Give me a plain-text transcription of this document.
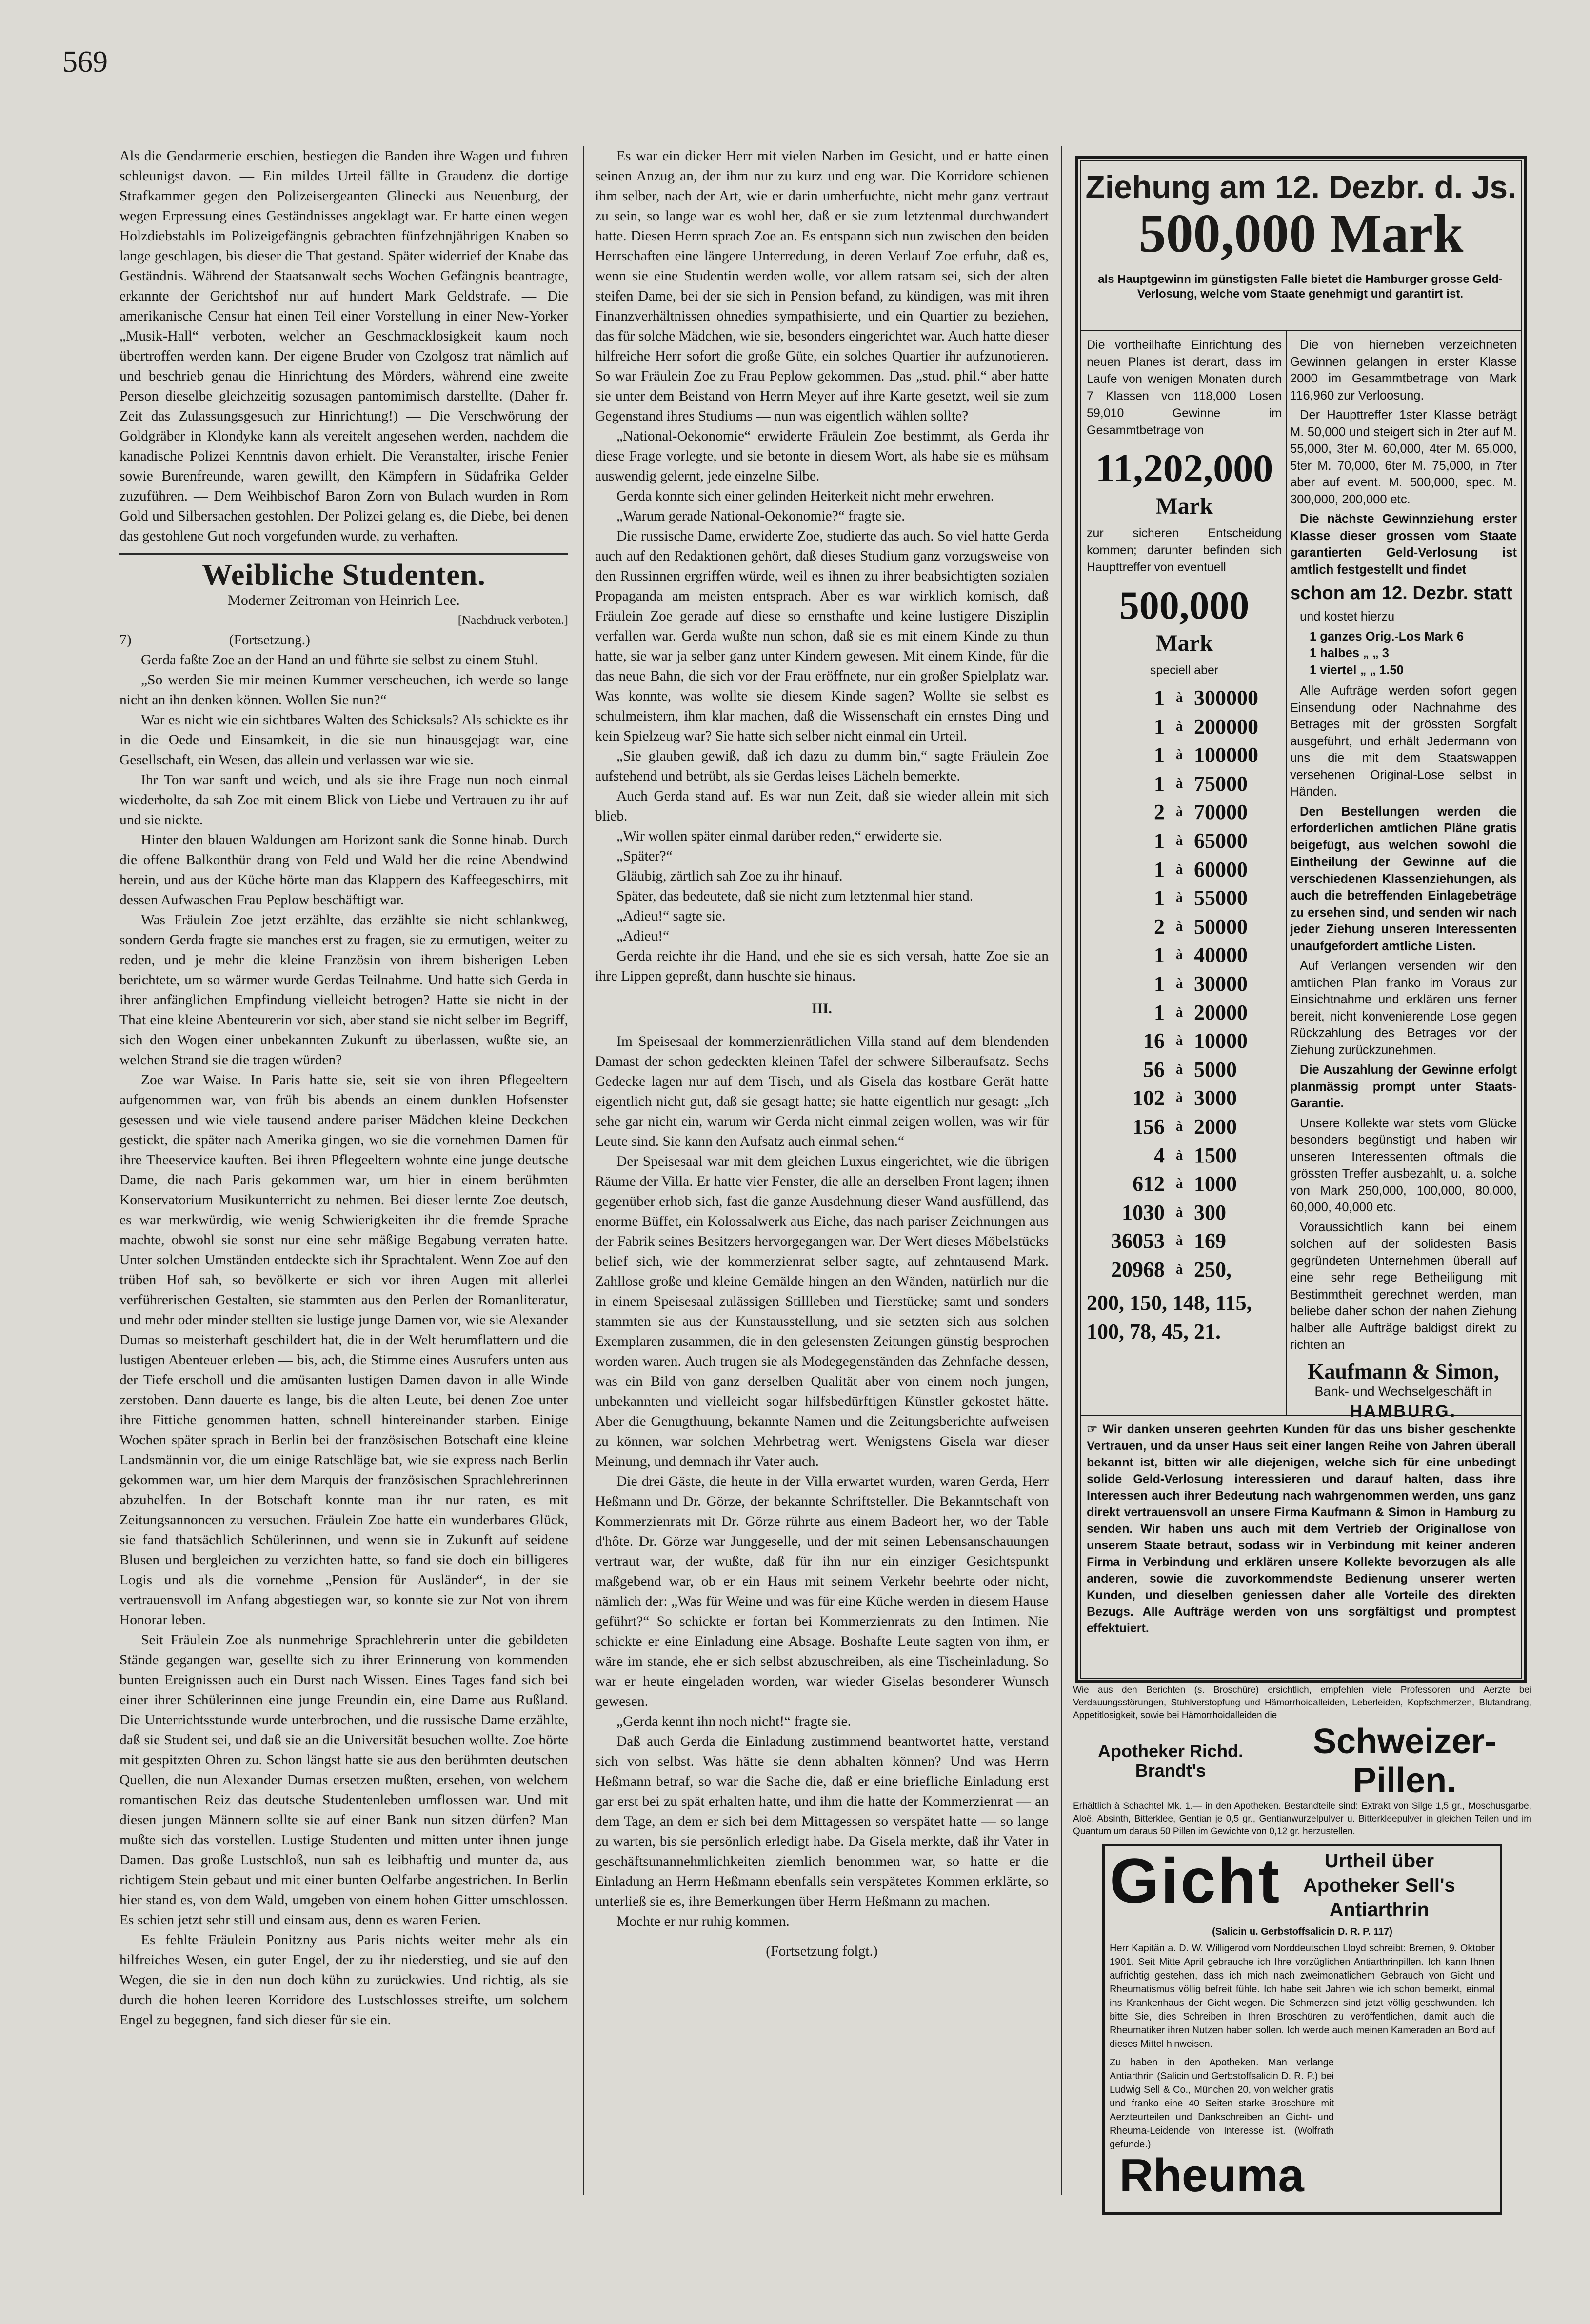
569

Als die Gendarmerie erschien, bestiegen die Banden ihre Wagen und fuhren schleunigst davon. — Ein mildes Urteil fällte in Graudenz die dortige Strafkammer gegen den Polizeisergeanten Glinecki aus Neuenburg, der wegen Erpressung eines Geständnisses angeklagt war. Er hatte einen wegen Holzdiebstahls im Polizeigefängnis gebrachten fünfzehnjährigen Knaben so lange geschlagen, bis dieser die That gestand. Später widerrief der Knabe das Geständnis. Während der Staatsanwalt sechs Wochen Gefängnis beantragte, erkannte der Gerichtshof nur auf hundert Mark Geldstrafe. — Die amerikanische Censur hat einen Teil einer Vorstellung in einer New-Yorker „Musik-Hall“ verboten, welcher an Geschmacklosigkeit kaum noch übertroffen werden kann. Der eigene Bruder von Czolgosz trat nämlich auf und beschrieb genau die Hinrichtung des Mörders, während eine zweite Person dieselbe gleichzeitig sozusagen pantomimisch darstellte. (Daher fr. Zeit das Zulassungsgesuch zur Hinrichtung!) — Die Verschwörung der Goldgräber in Klondyke kann als vereitelt angesehen werden, nachdem die kanadische Polizei Kenntnis davon erhielt. Die Veranstalter, irische Fenier sowie Burenfreunde, waren gewillt, den Kämpfern in Südafrika Gelder zuzuführen. — Dem Weihbischof Baron Zorn von Bulach wurden in Rom Gold und Silbersachen gestohlen. Der Polizei gelang es, die Diebe, bei denen das gestohlene Gut noch vorgefunden wurde, zu verhaften.

Weibliche Studenten.
Moderner Zeitroman von Heinrich Lee.
[Nachdruck verboten.]
7)	(Fortsetzung.)

Gerda faßte Zoe an der Hand an und führte sie selbst zu einem Stuhl.

„So werden Sie mir meinen Kummer verscheuchen, ich werde so lange nicht an ihn denken können. Wollen Sie nun?“

War es nicht wie ein sichtbares Walten des Schicksals? Als schickte es ihr in die Oede und Einsamkeit, in die sie nun hinausgejagt war, eine Gesellschaft, ein Wesen, das allein und verlassen war wie sie.

Ihr Ton war sanft und weich, und als sie ihre Frage nun noch einmal wiederholte, da sah Zoe mit einem Blick von Liebe und Vertrauen zu ihr auf und sie nickte.

Hinter den blauen Waldungen am Horizont sank die Sonne hinab. Durch die offene Balkonthür drang von Feld und Wald her die reine Abendwind herein, und aus der Küche hörte man das Klappern des Kaffeegeschirrs, mit dessen Aufwaschen Frau Peplow beschäftigt war.

Was Fräulein Zoe jetzt erzählte, das erzählte sie nicht schlankweg, sondern Gerda fragte sie manches erst zu fragen, sie zu ermutigen, weiter zu reden, und je mehr die kleine Französin von ihrem bisherigen Leben berichtete, um so wärmer wurde Gerdas Teilnahme. Und hatte sich Gerda in ihrer anfänglichen Empfindung vielleicht betrogen? Hatte sie nicht in der That eine kleine Abenteurerin vor sich, aber stand sie nicht selber im Begriff, sich den Wogen einer unbekannten Zukunft zu überlassen, wußte sie, an welchen Strand sie die tragen würden?

Zoe war Waise. In Paris hatte sie, seit sie von ihren Pflegeeltern aufgenommen war, von früh bis abends an einem dunklen Hofsenster gesessen und wie viele tausend andere pariser Mädchen kleine Deckchen gestickt, die später nach Amerika gingen, wo sie die vornehmen Damen für ihre Theeservice kauften. Bei ihren Pflegeeltern wohnte eine junge deutsche Dame, die nach Paris gekommen war, um hier in einem berühmten Konservatorium Musikunterricht zu nehmen. Bei dieser lernte Zoe deutsch, es war merkwürdig, wie wenig Schwierigkeiten ihr die fremde Sprache machte, obwohl sie sonst nur eine sehr mäßige Begabung verraten hatte. Unter solchen Umständen entdeckte sich ihr Sprachtalent. Wenn Zoe auf den trüben Hof sah, so bevölkerte er sich vor ihren Augen mit allerlei verführerischen Gestalten, sie stammten aus den Perlen der Romanliteratur, und mehr oder minder stellten sie lustige junge Damen vor, wie sie Alexander Dumas so meisterhaft geschildert hat, die in der Welt herumflattern und die lustigen Abenteuer erleben — bis, ach, die Stimme eines Ausrufers unten aus der Tiefe erscholl und die amüsanten lustigen Damen davon in alle Winde zerstoben. Dann dauerte es lange, bis die alten Leute, bei denen Zoe unter ihre Fittiche genommen hatten, schnell hintereinander starben. Einige Wochen später sprach in Berlin bei der französischen Botschaft eine kleine Landsmännin vor, die um einige Ratschläge bat, wie sie express nach Berlin gekommen war, um hier dem Marquis der französischen Sprachlehrerinnen abzuhelfen. In der Botschaft konnte man ihr nur raten, es mit Zeitungsannoncen zu versuchen. Fräulein Zoe hatte ein wunderbares Glück, sie fand thatsächlich Schülerinnen, und wenn sie in Zukunft auf seidene Blusen und bergleichen zu verzichten hatte, so fand sie doch ein billigeres Logis und als die vornehme „Pension für Ausländer“, in der sie vertrauensvoll im Anfang abgestiegen war, so konnte sie zur Not von ihrem Honorar leben.

Seit Fräulein Zoe als nunmehrige Sprachlehrerin unter die gebildeten Stände gegangen war, gesellte sich zu ihrer Erinnerung von kommenden bunten Ereignissen auch ein Durst nach Wissen. Eines Tages fand sich bei einer ihrer Schülerinnen eine junge Freundin ein, eine Dame aus Rußland. Die Unterrichtsstunde wurde unterbrochen, und die russische Dame erzählte, daß sie Student sei, und daß sie an die Universität besuchen wollte. Zoe hörte mit gespitzten Ohren zu. Schon längst hatte sie aus den berühmten deutschen Quellen, die nun Alexander Dumas ersetzen mußten, ersehen, von welchem romantischen Reiz das deutsche Studentenleben umflossen war. Und mit diesen jungen Männern sollte sie auf einer Bank nun sitzen dürfen? Man mußte sich das vorstellen. Lustige Studenten und mitten unter ihnen junge Damen. Das große Lustschloß, nun sah es leibhaftig und munter da, aus richtigem Stein gebaut und mit einer bunten Oelfarbe angestrichen. In Berlin hier stand es, von dem Wald, umgeben von einem hohen Gitter umschlossen. Es schien jetzt sehr still und einsam aus, denn es waren Ferien.

Es fehlte Fräulein Ponitzny aus Paris nichts weiter mehr als ein hilfreiches Wesen, ein guter Engel, der zu ihr niederstieg, und sie auf den Wegen, die sie in den nun doch kühn zu zurückwies. Und richtig, als sie durch die hohen leeren Korridore des Lustschlosses streifte, um solchem Engel zu begegnen, fand sich dieser für sie ein.

Es war ein dicker Herr mit vielen Narben im Gesicht, und er hatte einen seinen Anzug an, der ihm nur zu kurz und eng war. Die Korridore schienen ihm selber, nach der Art, wie er darin umherfuchte, nicht mehr ganz vertraut zu sein, so lange war es wohl her, daß er sie zum letztenmal durchwandert hatte. Diesen Herrn sprach Zoe an. Es entspann sich nun zwischen den beiden Herrschaften eine längere Unterredung, in deren Verlauf Zoe erfuhr, daß es, wenn sie eine Studentin werden wolle, vor allem ratsam sei, sich der alten steifen Dame, bei der sie sich in Pension befand, zu kündigen, was mit ihren Finanzverhältnissen ohnedies sympathisierte, und ein Quartier zu beziehen, das für solche Mädchen, wie sie, besonders eingerichtet war. Auch hatte dieser hilfreiche Herr sofort die große Güte, ein solches Quartier ihr aufzunotieren. So war Fräulein Zoe zu Frau Peplow gekommen. Das „stud. phil.“ aber hatte sie unter dem Beistand von Herrn Meyer auf ihre Karte gesetzt, weil sie zum Gegenstand ihres Studiums — nun was eigentlich wählen sollte?

„National-Oekonomie“ erwiderte Fräulein Zoe bestimmt, als Gerda ihr diese Frage vorlegte, und sie betonte in diesem Wort, als habe sie es mühsam auswendig gelernt, jede einzelne Silbe.

Gerda konnte sich einer gelinden Heiterkeit nicht mehr erwehren.

„Warum gerade National-Oekonomie?“ fragte sie.

Die russische Dame, erwiderte Zoe, studierte das auch. So viel hatte Gerda auch auf den Redaktionen gehört, daß dieses Studium ganz vorzugsweise von den Russinnen ergriffen würde, weil es ihnen zu ihrer beabsichtigten sozialen Propaganda am meisten entsprach. Aber es war wirklich komisch, daß Fräulein Zoe gerade auf diese so ernsthafte und keine lustigere Disziplin verfallen war. Gerda wußte nun schon, daß sie es mit einem Kinde zu thun hatte, sie war ja selber ganz unter Kindern gewesen. Mit einem Kinde, für die das neue Bahn, die sich vor der Frau eröffnete, nur ein großer Spielplatz war. Was konnte, was wollte sie diesem Kinde sagen? Wollte sie selbst es schulmeistern, ihm klar machen, daß die Wissenschaft ein ernstes Ding und kein Spielzeug war? Sie hatte sich selber nicht einmal ein Urteil.

„Sie glauben gewiß, daß ich dazu zu dumm bin,“ sagte Fräulein Zoe aufstehend und betrübt, als sie Gerdas leises Lächeln bemerkte.

Auch Gerda stand auf. Es war nun Zeit, daß sie wieder allein mit sich blieb.

„Wir wollen später einmal darüber reden,“ erwiderte sie.

„Später?“

Gläubig, zärtlich sah Zoe zu ihr hinauf.

Später, das bedeutete, daß sie nicht zum letztenmal hier stand.

„Adieu!“ sagte sie.

„Adieu!“

Gerda reichte ihr die Hand, und ehe sie es sich versah, hatte Zoe sie an ihre Lippen gepreßt, dann huschte sie hinaus.

III.

Im Speisesaal der kommerzienrätlichen Villa stand auf dem blendenden Damast der schon gedeckten kleinen Tafel der schwere Silberaufsatz. Sechs Gedecke lagen nur auf dem Tisch, und als Gisela das kostbare Gerät hatte eigentlich nicht gut, daß sie gesagt hatte; sie hatte eigentlich nur gesagt: „Ich sehe gar nicht ein, warum wir Gerda nicht einmal zeigen wollen, was wir für Leute sind. Sie kann den Aufsatz auch einmal sehen.“

Der Speisesaal war mit dem gleichen Luxus eingerichtet, wie die übrigen Räume der Villa. Er hatte vier Fenster, die alle an derselben Front lagen; ihnen gegenüber erhob sich, fast die ganze Ausdehnung dieser Wand ausfüllend, das enorme Büffet, ein Kolossalwerk aus Eiche, das nach pariser Zeichnungen aus der Fabrik seines Besitzers hervorgegangen war. Der Wert dieses Möbelstücks belief sich, wie der kommerzienrat selber sagte, auf zehntausend Mark. Zahllose große und kleine Gemälde hingen an den Wänden, natürlich nur die in einem Speisesaal zulässigen Stillleben und Tierstücke; samt und sonders stammten sie aus der Kunstausstellung, und sie setzten sich aus solchen Exemplaren zusammen, die in den gelesensten Zeitungen günstig besprochen worden waren. Auch trugen sie als Modegegenständen das Zehnfache dessen, was ein Bild von ganz derselben Qualität aber von einem noch jungen, unbekannten und vielleicht sogar hilfsbedürftigen Künstler gekostet hätte. Aber die Genugthuung, bekannte Namen und die Zeitungsberichte aufweisen zu können, war solchen Mehrbetrag wert. Wenigstens Gisela war dieser Meinung, und demnach ihr Vater auch.

Die drei Gäste, die heute in der Villa erwartet wurden, waren Gerda, Herr Heßmann und Dr. Görze, der bekannte Schriftsteller. Die Bekanntschaft von Kommerzienrats mit Dr. Görze rührte aus einem Badeort her, wo der Table d'hôte. Dr. Görze war Junggeselle, und der mit seinen Lebensanschauungen vertraut war, der wußte, daß für ihn nur ein einziger Gesichtspunkt maßgebend war, ob er ein Haus mit seinem Verkehr beehrte oder nicht, nämlich der: „Was für Weine und was für eine Küche werden in diesem Hause geführt?“ So schickte er fortan bei Kommerzienrats zu den Intimen. Nie schickte er eine Einladung eine Absage. Boshafte Leute sagten von ihm, er wäre im stande, ehe er sich selbst abzuschreiben, als eine Tischeinladung. So war er heute eingeladen worden, war wieder Giselas besonderer Wunsch gewesen.

„Gerda kennt ihn noch nicht!“ fragte sie.

Daß auch Gerda die Einladung zustimmend beantwortet hatte, verstand sich von selbst. Was hätte sie denn abhalten können? Und was Herrn Heßmann betraf, so war die Sache die, daß er eine briefliche Einladung erst gar erst bei zu spät erhalten hatte, und ihm die hatte der Kommerzienrat — an dem Tage, an dem er sich bei dem Mittagessen so verspätet hatte — so lange zu warten, bis sie persönlich erledigt habe. Da Gisela merkte, daß ihr Vater in geschäftsunannehmlichkeiten ziemlich benommen war, so hatte er die Einladung an Herrn Heßmann ebenfalls sein verspätetes Kommen erklärte, so unterließ sie es, ihre Bemerkungen über Herrn Heßmann zu machen.

Mochte er nur ruhig kommen.

(Fortsetzung folgt.)

Ziehung am 12. Dezbr. d. Js.
500,000 Mark
als Hauptgewinn im günstigsten Falle bietet die Hamburger grosse Geld-Verlosung, welche vom Staate genehmigt und garantirt ist.
Die vortheilhafte Einrichtung des neuen Planes ist derart, dass im Laufe von wenigen Monaten durch 7 Klassen von 118,000 Losen 59,010 Gewinne im Gesammtbetrage von
11,202,000
Mark
zur sicheren Entscheidung kommen; darunter befinden sich Haupttreffer von eventuell
500,000
Mark
speciell aber
1 à 300000
1 à 200000
1 à 100000
1 à 75000
2 à 70000
1 à 65000
1 à 60000
1 à 55000
2 à 50000
1 à 40000
1 à 30000
1 à 20000
16 à 10000
56 à 5000
102 à 3000
156 à 2000
4 à 1500
612 à 1000
1030 à 300
36053 à 169
20968 à 250,
200, 150, 148, 115,
100, 78, 45, 21.

Die von hierneben verzeichneten Gewinnen gelangen in erster Klasse 2000 im Gesammtbetrage von Mark 116,960 zur Verloosung.

Der Haupttreffer 1ster Klasse beträgt M. 50,000 und steigert sich in 2ter auf M. 55,000, 3ter M. 60,000, 4ter M. 65,000, 5ter M. 70,000, 6ter M. 75,000, in 7ter aber auf event. M. 500,000, spec. M. 300,000, 200,000 etc.

Die nächste Gewinnziehung erster Klasse dieser grossen vom Staate garantierten Geld-Verlosung ist amtlich festgestellt und findet

schon am 12. Dezbr. statt

und kostet hierzu

1 ganzes Orig.-Los Mark 6
1 halbes „ „ 3
1 viertel „ „ 1.50

Alle Aufträge werden sofort gegen Einsendung oder Nachnahme des Betrages mit der grössten Sorgfalt ausgeführt, und erhält Jedermann von uns die mit dem Staatswappen versehenen Original-Lose selbst in Händen.

Den Bestellungen werden die erforderlichen amtlichen Pläne gratis beigefügt, aus welchen sowohl die Eintheilung der Gewinne auf die verschiedenen Klassenziehungen, als auch die betreffenden Einlagebeträge zu ersehen sind, und senden wir nach jeder Ziehung unseren Interessenten unaufgefordert amtliche Listen.

Auf Verlangen versenden wir den amtlichen Plan franko im Voraus zur Einsichtnahme und erklären uns ferner bereit, nicht konvenierende Lose gegen Rückzahlung des Betrages vor der Ziehung zurückzunehmen.

Die Auszahlung der Gewinne erfolgt planmässig prompt unter Staats-Garantie.

Unsere Kollekte war stets vom Glücke besonders begünstigt und haben wir unseren Interessenten oftmals die grössten Treffer ausbezahlt, u. a. solche von Mark 250,000, 100,000, 80,000, 60,000, 40,000 etc.

Voraussichtlich kann bei einem solchen auf der solidesten Basis gegründeten Unternehmen überall auf eine sehr rege Betheiligung mit Bestimmtheit gerechnet werden, man beliebe daher schon der nahen Ziehung halber alle Aufträge baldigst direkt zu richten an

Kaufmann & Simon,

Bank- und Wechselgeschäft in

HAMBURG.

☞ Wir danken unseren geehrten Kunden für das uns bisher geschenkte Vertrauen, und da unser Haus seit einer langen Reihe von Jahren überall bekannt ist, bitten wir alle diejenigen, welche sich für eine unbedingt solide Geld-Verlosung interessieren und darauf halten, dass ihre Interessen auch ihrer Bedeutung nach wahrgenommen werden, uns ganz direkt vertrauensvoll an unsere Firma Kaufmann & Simon in Hamburg zu senden. Wir haben uns auch mit dem Vertrieb der Originallose von unserem Staate betraut, sodass wir in Verbindung mit keiner anderen Firma in Verbindung und erklären unsere Kollekte bevorzugen als alle anderen, sowie die zuvorkommendste Bedienung unserer werten Kunden, und dieselben geniessen daher alle Vorteile des direkten Bezugs. Alle Aufträge werden von uns sorgfältigst und promptest effektuiert.
Wie aus den Berichten (s. Broschüre) ersichtlich, empfehlen viele Professoren und Aerzte bei Verdauungsstörungen, Stuhlverstopfung und Hämorrhoidalleiden, Leberleiden, Kopfschmerzen, Blutandrang, Appetitlosigkeit, sowie bei Hämorrhoidalleiden die
Apotheker Richd. Brandt's
Schweizer-Pillen.
Erhältlich à Schachtel Mk. 1.— in den Apotheken. Bestandteile sind: Extrakt von Silge 1,5 gr., Moschusgarbe, Aloë, Absinth, Bitterklee, Gentian je 0,5 gr., Gentianwurzelpulver u. Bitterkleepulver in gleichen Teilen und im Quantum um daraus 50 Pillen im Gewichte von 0,12 gr. herzustellen.
Gicht Urtheil über Apotheker Sell's Antiarthrin
(Salicin u. Gerbstoffsalicin D. R. P. 117)
Herr Kapitän a. D. W. Willigerod vom Norddeutschen Lloyd schreibt: Bremen, 9. Oktober 1901. Seit Mitte April gebrauche ich Ihre vorzüglichen Antiarthrinpillen. Ich kann Ihnen aufrichtig gestehen, dass ich mich nach zweimonatlichem Gebrauch von Gicht und Rheumatismus völlig befreit fühle. Ich habe seit Jahren wie ich schon bemerkt, einmal ins Krankenhaus der Gicht wegen. Die Schmerzen sind jetzt völlig geschwunden. Ich bitte Sie, dies Schreiben in Ihren Broschüren zu veröffentlichen, damit auch die Rheumatiker ihren Nutzen haben sollen. Ich werde auch meinen Kameraden an Bord auf dieses Mittel hinweisen.
Zu haben in den Apotheken. Man verlange Antiarthrin (Salicin und Gerbstoffsalicin D. R. P.) bei Ludwig Sell & Co., München 20, von welcher gratis und franko eine 40 Seiten starke Broschüre mit Aerzteurteilen und Dankschreiben an Gicht- und Rheuma-Leidende von Interesse ist. (Wolfrath gefunde.) Rheuma
